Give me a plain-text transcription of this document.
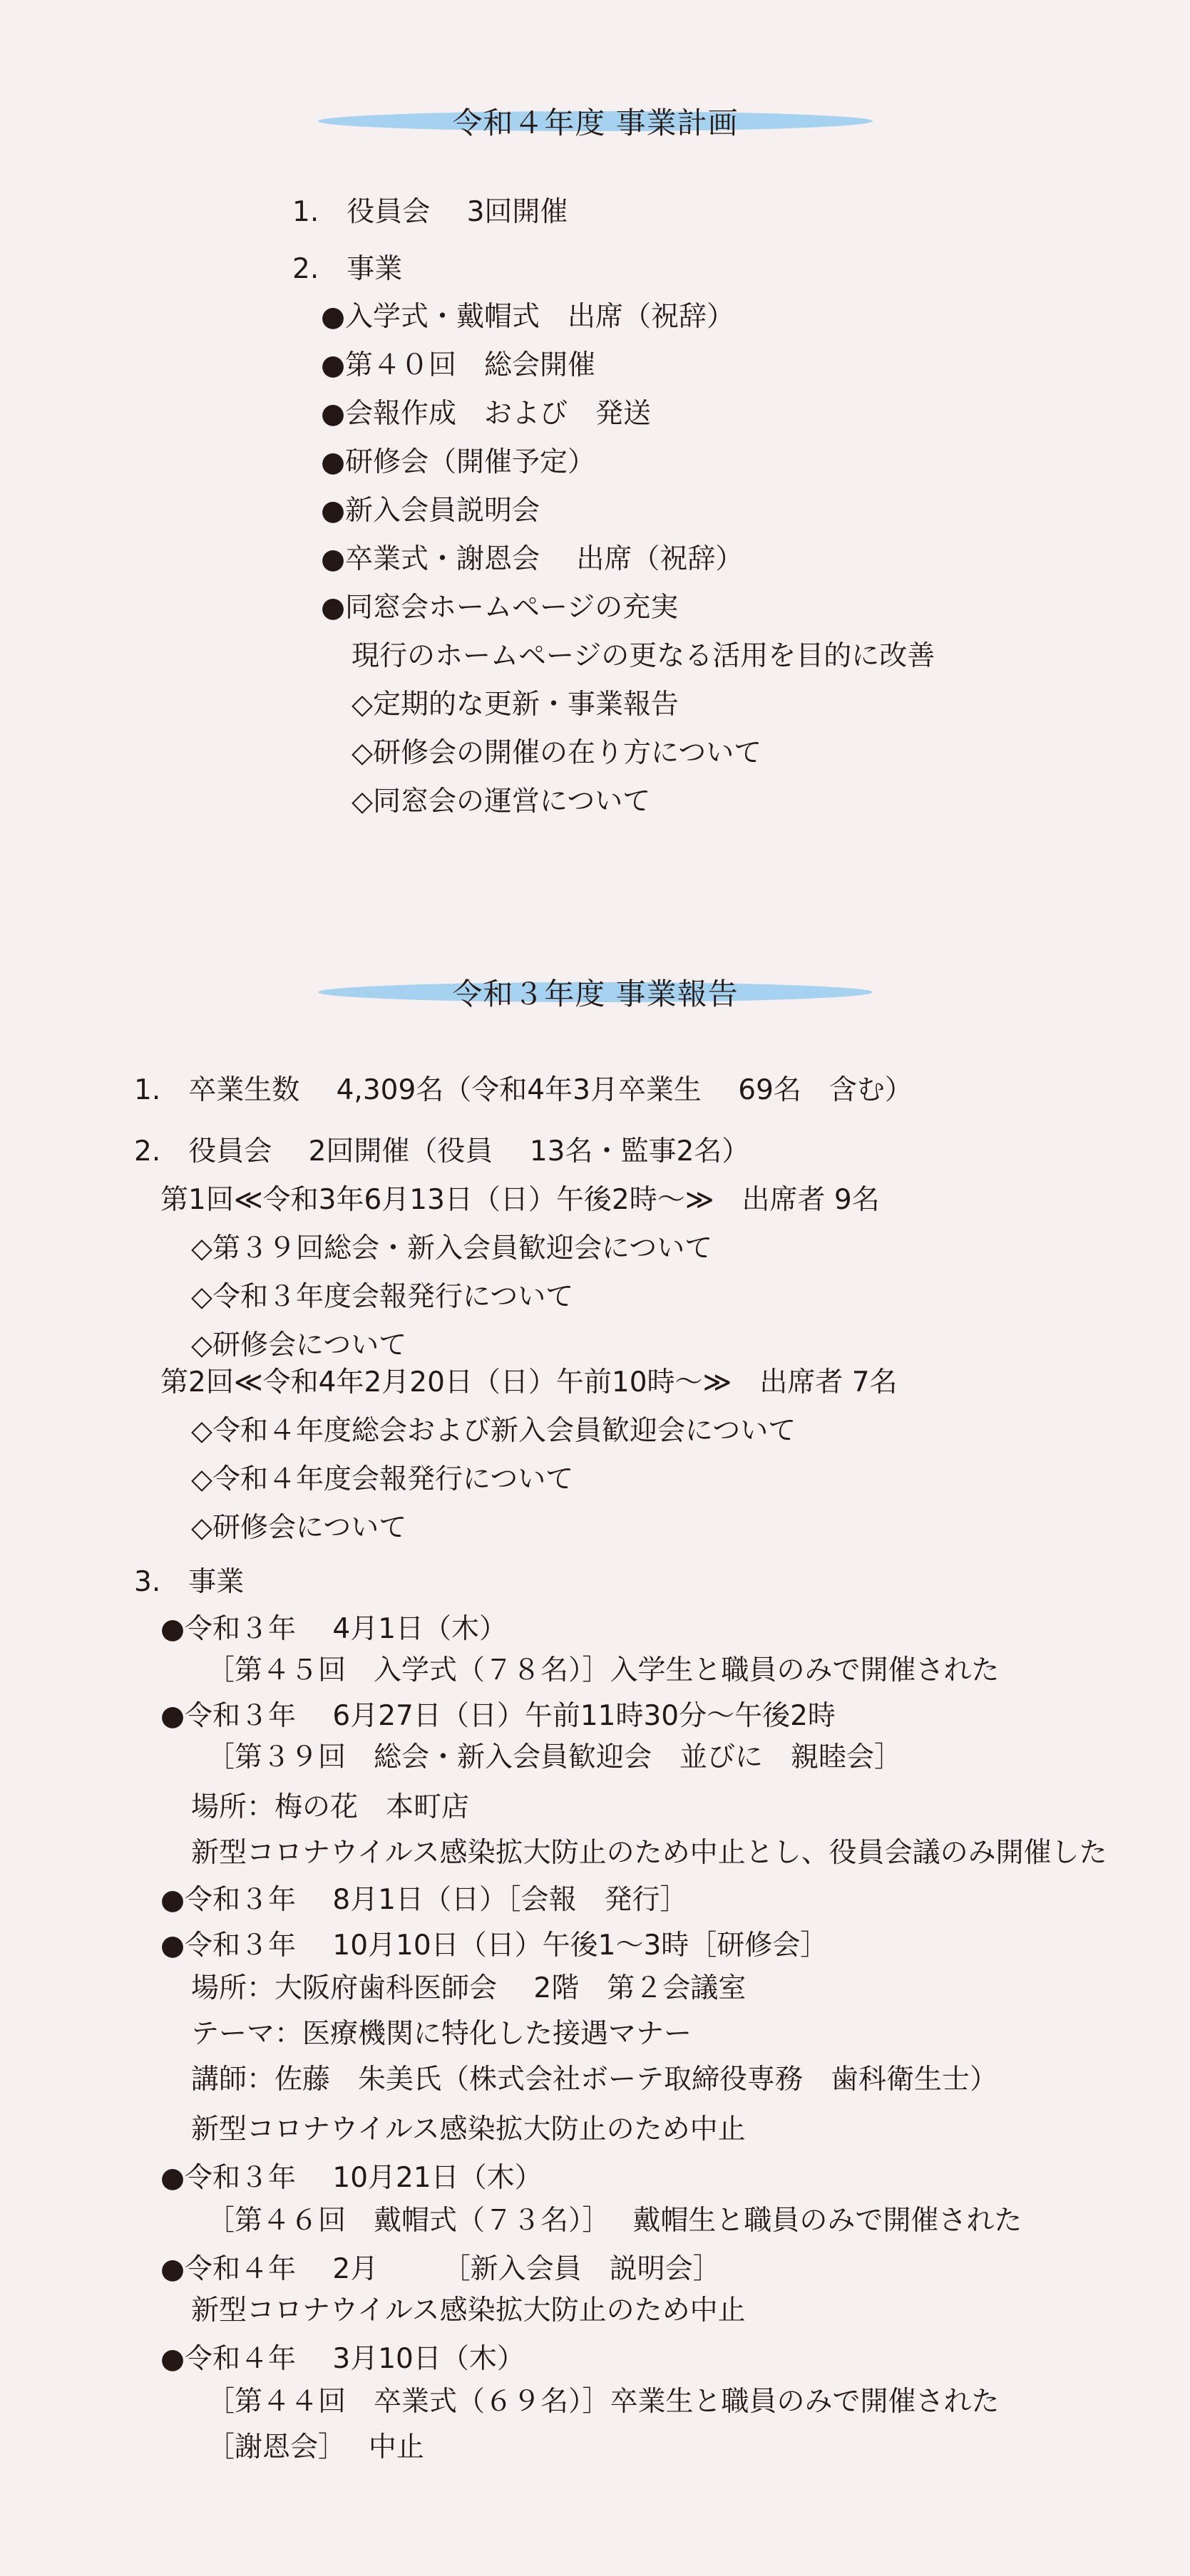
令和４年度 事業計画
1.　役員会　 3回開催
2.　事業
●入学式・戴帽式　出席（祝辞）
●第４０回　総会開催
●会報作成　および　発送
●研修会（開催予定）
●新入会員説明会
●卒業式・謝恩会　 出席（祝辞）
●同窓会ホームページの充実
現行のホームページの更なる活用を目的に改善
◇定期的な更新・事業報告
◇研修会の開催の在り方について
◇同窓会の運営について
令和３年度 事業報告
1.　卒業生数　 4,309名（令和4年3月卒業生　 69名　含む）
2.　役員会　 2回開催（役員　 13名・監事2名）
第1回≪令和3年6月13日（日）午後2時〜≫　出席者 9名
◇第３９回総会・新入会員歓迎会について
◇令和３年度会報発行について
◇研修会について
第2回≪令和4年2月20日（日）午前10時〜≫　出席者 7名
◇令和４年度総会および新入会員歓迎会について
◇令和４年度会報発行について
◇研修会について
3.　事業
●令和３年　 4月1日（木）
［第４５回　入学式（７８名）］入学生と職員のみで開催された
●令和３年　 6月27日（日）午前11時30分〜午後2時
［第３９回　総会・新入会員歓迎会　並びに　親睦会］
場所：梅の花　本町店
新型コロナウイルス感染拡大防止のため中止とし、役員会議のみ開催した
●令和３年　 8月1日（日）［会報　発行］
●令和３年　 10月10日（日）午後1〜3時［研修会］
場所：大阪府歯科医師会　 2階　第２会議室
テーマ：医療機関に特化した接遇マナー
講師：佐藤　朱美氏（株式会社ボーテ取締役専務　歯科衛生士）
新型コロナウイルス感染拡大防止のため中止
●令和３年　 10月21日（木）
［第４６回　戴帽式（７３名）］　 戴帽生と職員のみで開催された
●令和４年　 2月　　 ［新入会員　説明会］
新型コロナウイルス感染拡大防止のため中止
●令和４年　 3月10日（木）
［第４４回　卒業式（６９名）］卒業生と職員のみで開催された
［謝恩会］　 中止
